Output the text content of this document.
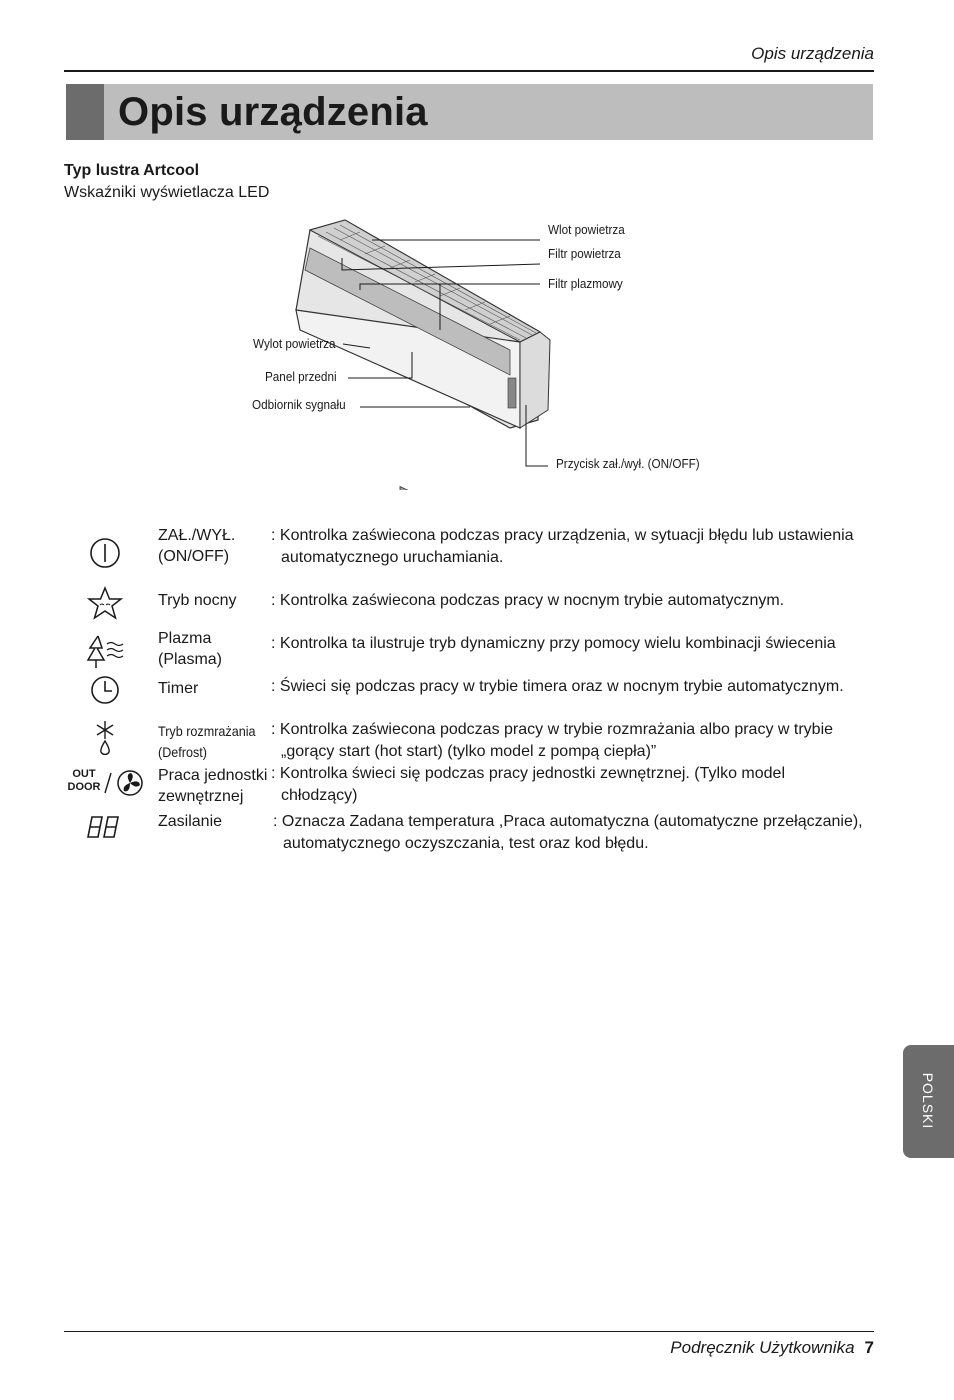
Opis urządzenia
Opis urządzenia
Typ lustra Artcool
Wskaźniki wyświetlacza LED
Wlot powietrza
Filtr powietrza
Filtr plazmowy
Wylot powietrza
Panel przedni
Odbiornik sygnału
Przycisk zał./wył. (ON/OFF)
ZAŁ./WYŁ.
(ON/OFF)
: Kontrolka zaświecona podczas pracy urządzenia, w sytuacji błędu lub ustawienia
automatycznego uruchamiania.
Tryb nocny : Kontrolka zaświecona podczas pracy w nocnym trybie automatycznym.
Plazma
(Plasma)
: Kontrolka ta ilustruje tryb dynamiczny przy pomocy wielu kombinacji świecenia
Timer	: Świeci się podczas pracy w trybie timera oraz w nocnym trybie automatycznym.
Tryb rozmrażania
(Defrost)
: Kontrolka zaświecona podczas pracy w trybie rozmrażania albo pracy w trybie
„gorący start (hot start) (tylko model z pompą ciepła)”
OUT
DOOR
Praca jednostki
zewnętrznej
: Kontrolka świeci się podczas pracy jednostki zewnętrznej. (Tylko model
chłodzący)
Zasilanie	: Oznacza Zadana temperatura ,Praca automatyczna (automatyczne przełączanie),
automatycznego oczyszczania, test oraz kod błędu.
POLSKI
Podręcznik Użytkownika 7
